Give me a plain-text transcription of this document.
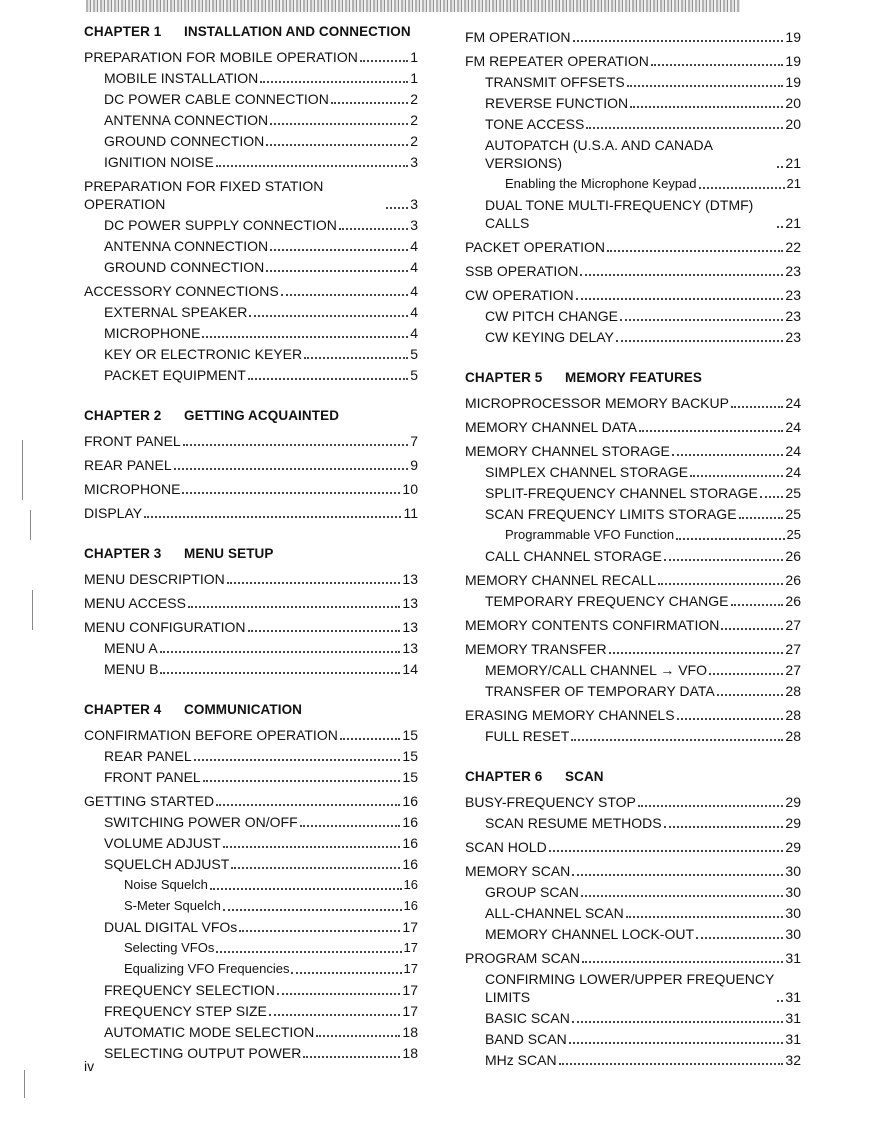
CHAPTER 1	INSTALLATION AND CONNECTION
PREPARATION FOR MOBILE OPERATION	1
MOBILE INSTALLATION	1
DC POWER CABLE CONNECTION	2
ANTENNA CONNECTION	2
GROUND CONNECTION	2
IGNITION NOISE	3
PREPARATION FOR FIXED STATION OPERATION	3
DC POWER SUPPLY CONNECTION	3
ANTENNA CONNECTION	4
GROUND CONNECTION	4
ACCESSORY CONNECTIONS	4
EXTERNAL SPEAKER	4
MICROPHONE	4
KEY OR ELECTRONIC KEYER	5
PACKET EQUIPMENT	5
CHAPTER 2	GETTING ACQUAINTED
FRONT PANEL	7
REAR PANEL	9
MICROPHONE	10
DISPLAY	11
CHAPTER 3	MENU SETUP
MENU DESCRIPTION	13
MENU ACCESS	13
MENU CONFIGURATION	13
MENU A	13
MENU B	14
CHAPTER 4	COMMUNICATION
CONFIRMATION BEFORE OPERATION	15
REAR PANEL	15
FRONT PANEL	15
GETTING STARTED	16
SWITCHING POWER ON/OFF	16
VOLUME ADJUST	16
SQUELCH ADJUST	16
Noise Squelch	16
S-Meter Squelch	16
DUAL DIGITAL VFOs	17
Selecting VFOs	17
Equalizing VFO Frequencies	17
FREQUENCY SELECTION	17
FREQUENCY STEP SIZE	17
AUTOMATIC MODE SELECTION	18
SELECTING OUTPUT POWER	18
FM OPERATION	19
FM REPEATER OPERATION	19
TRANSMIT OFFSETS	19
REVERSE FUNCTION	20
TONE ACCESS	20
AUTOPATCH (U.S.A. AND CANADA VERSIONS)	21
Enabling the Microphone Keypad	21
DUAL TONE MULTI-FREQUENCY (DTMF) CALLS	21
PACKET OPERATION	22
SSB OPERATION	23
CW OPERATION	23
CW PITCH CHANGE	23
CW KEYING DELAY	23
CHAPTER 5	MEMORY FEATURES
MICROPROCESSOR MEMORY BACKUP	24
MEMORY CHANNEL DATA	24
MEMORY CHANNEL STORAGE	24
SIMPLEX CHANNEL STORAGE	24
SPLIT-FREQUENCY CHANNEL STORAGE 25
SCAN FREQUENCY LIMITS STORAGE	25
Programmable VFO Function	25
CALL CHANNEL STORAGE	26
MEMORY CHANNEL RECALL	26
TEMPORARY FREQUENCY CHANGE	26
MEMORY CONTENTS CONFIRMATION	27
MEMORY TRANSFER	27
MEMORY/CALL CHANNEL → VFO	27
TRANSFER OF TEMPORARY DATA	28
ERASING MEMORY CHANNELS	28
FULL RESET	28
CHAPTER 6	SCAN
BUSY-FREQUENCY STOP	29
SCAN RESUME METHODS	29
SCAN HOLD	29
MEMORY SCAN	30
GROUP SCAN	30
ALL-CHANNEL SCAN	30
MEMORY CHANNEL LOCK-OUT	30
PROGRAM SCAN	31
CONFIRMING LOWER/UPPER FREQUENCY LIMITS	31
BASIC SCAN	31
BAND SCAN	31
MHz SCAN	32
iv
